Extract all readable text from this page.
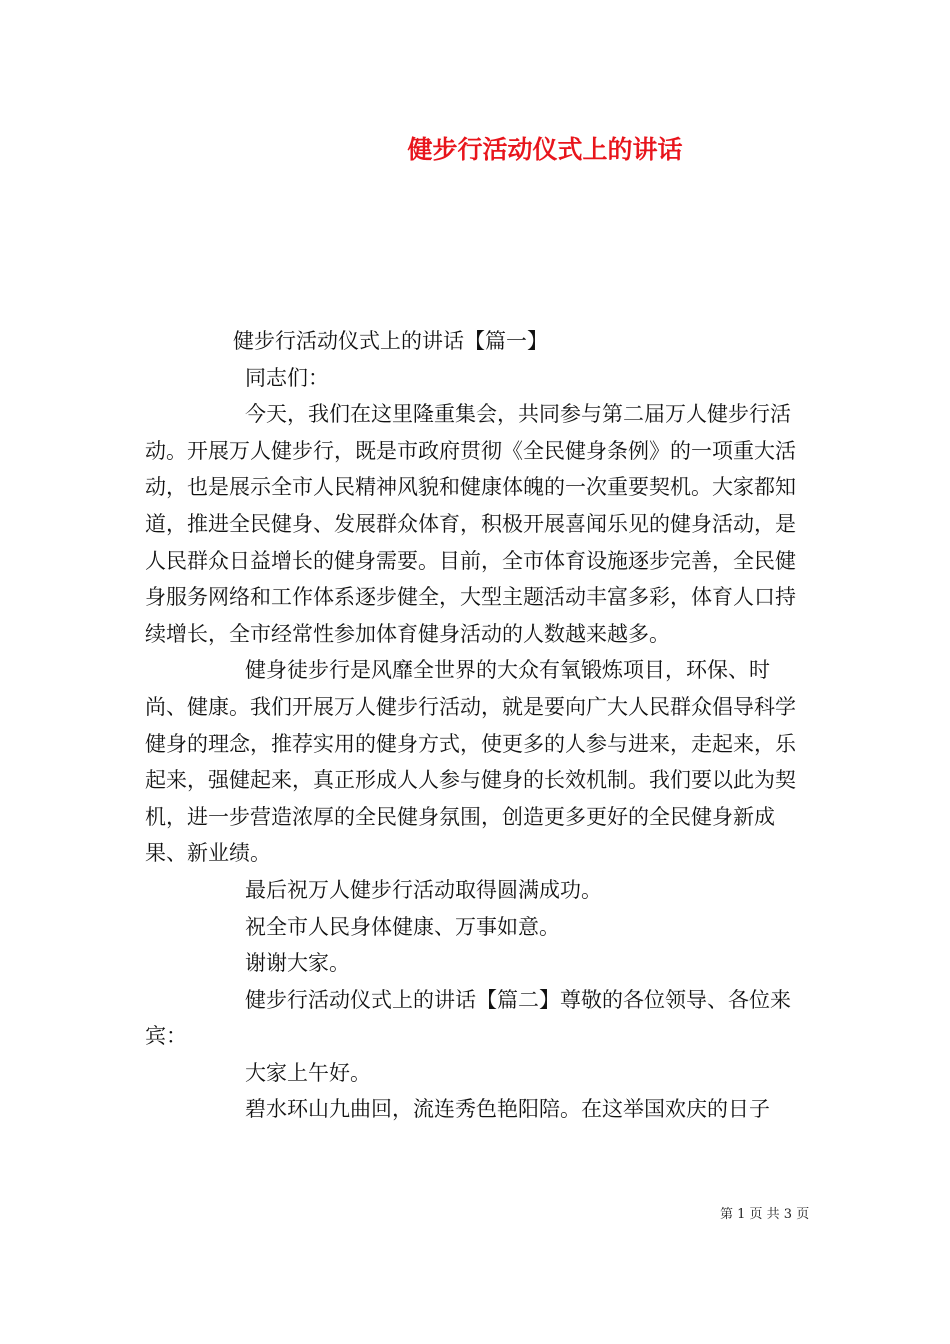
健步行活动仪式上的讲话

健步行活动仪式上的讲话【篇一】

同志们：

今天，我们在这里隆重集会，共同参与第二届万人健步行活动。开展万人健步行，既是市政府贯彻《全民健身条例》的一项重大活动，也是展示全市人民精神风貌和健康体魄的一次重要契机。大家都知道，推进全民健身、发展群众体育，积极开展喜闻乐见的健身活动，是人民群众日益增长的健身需要。目前，全市体育设施逐步完善，全民健身服务网络和工作体系逐步健全，大型主题活动丰富多彩，体育人口持续增长，全市经常性参加体育健身活动的人数越来越多。

健身徒步行是风靡全世界的大众有氧锻炼项目，环保、时尚、健康。我们开展万人健步行活动，就是要向广大人民群众倡导科学健身的理念，推荐实用的健身方式，使更多的人参与进来，走起来，乐起来，强健起来，真正形成人人参与健身的长效机制。我们要以此为契机，进一步营造浓厚的全民健身氛围，创造更多更好的全民健身新成果、新业绩。

最后祝万人健步行活动取得圆满成功。

祝全市人民身体健康、万事如意。

谢谢大家。

健步行活动仪式上的讲话【篇二】尊敬的各位领导、各位来宾：

大家上午好。

碧水环山九曲回，流连秀色艳阳陪。在这举国欢庆的日子

第 1 页 共 3 页
